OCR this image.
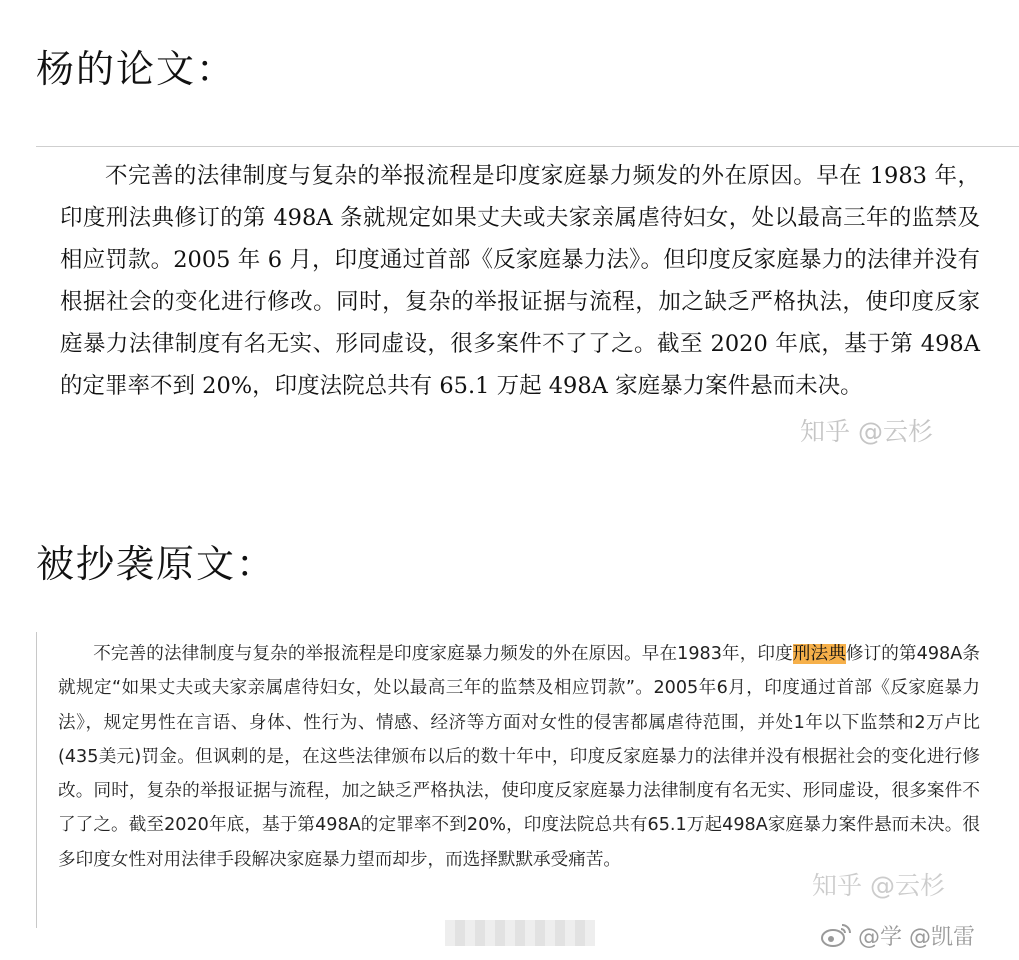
杨的论文：

不完善的法律制度与复杂的举报流程是印度家庭暴力频发的外在原因。早在 1983 年，印度刑法典修订的第 498A 条就规定如果丈夫或夫家亲属虐待妇女，处以最高三年的监禁及相应罚款。2005 年 6 月，印度通过首部《反家庭暴力法》。但印度反家庭暴力的法律并没有根据社会的变化进行修改。同时，复杂的举报证据与流程，加之缺乏严格执法，使印度反家庭暴力法律制度有名无实、形同虚设，很多案件不了了之。截至 2020 年底，基于第 498A 的定罪率不到 20%，印度法院总共有 65.1 万起 498A 家庭暴力案件悬而未决。

知乎 @云杉
被抄袭原文：

不完善的法律制度与复杂的举报流程是印度家庭暴力频发的外在原因。早在1983年，印度刑法典修订的第498A条就规定“如果丈夫或夫家亲属虐待妇女，处以最高三年的监禁及相应罚款”。2005年6月，印度通过首部《反家庭暴力法》，规定男性在言语、身体、性行为、情感、经济等方面对女性的侵害都属虐待范围，并处1年以下监禁和2万卢比(435美元)罚金。但讽刺的是，在这些法律颁布以后的数十年中，印度反家庭暴力的法律并没有根据社会的变化进行修改。同时，复杂的举报证据与流程，加之缺乏严格执法，使印度反家庭暴力法律制度有名无实、形同虚设，很多案件不了了之。截至2020年底，基于第498A的定罪率不到20%，印度法院总共有65.1万起498A家庭暴力案件悬而未决。很多印度女性对用法律手段解决家庭暴力望而却步，而选择默默承受痛苦。

知乎 @云杉
@学 @凯雷
